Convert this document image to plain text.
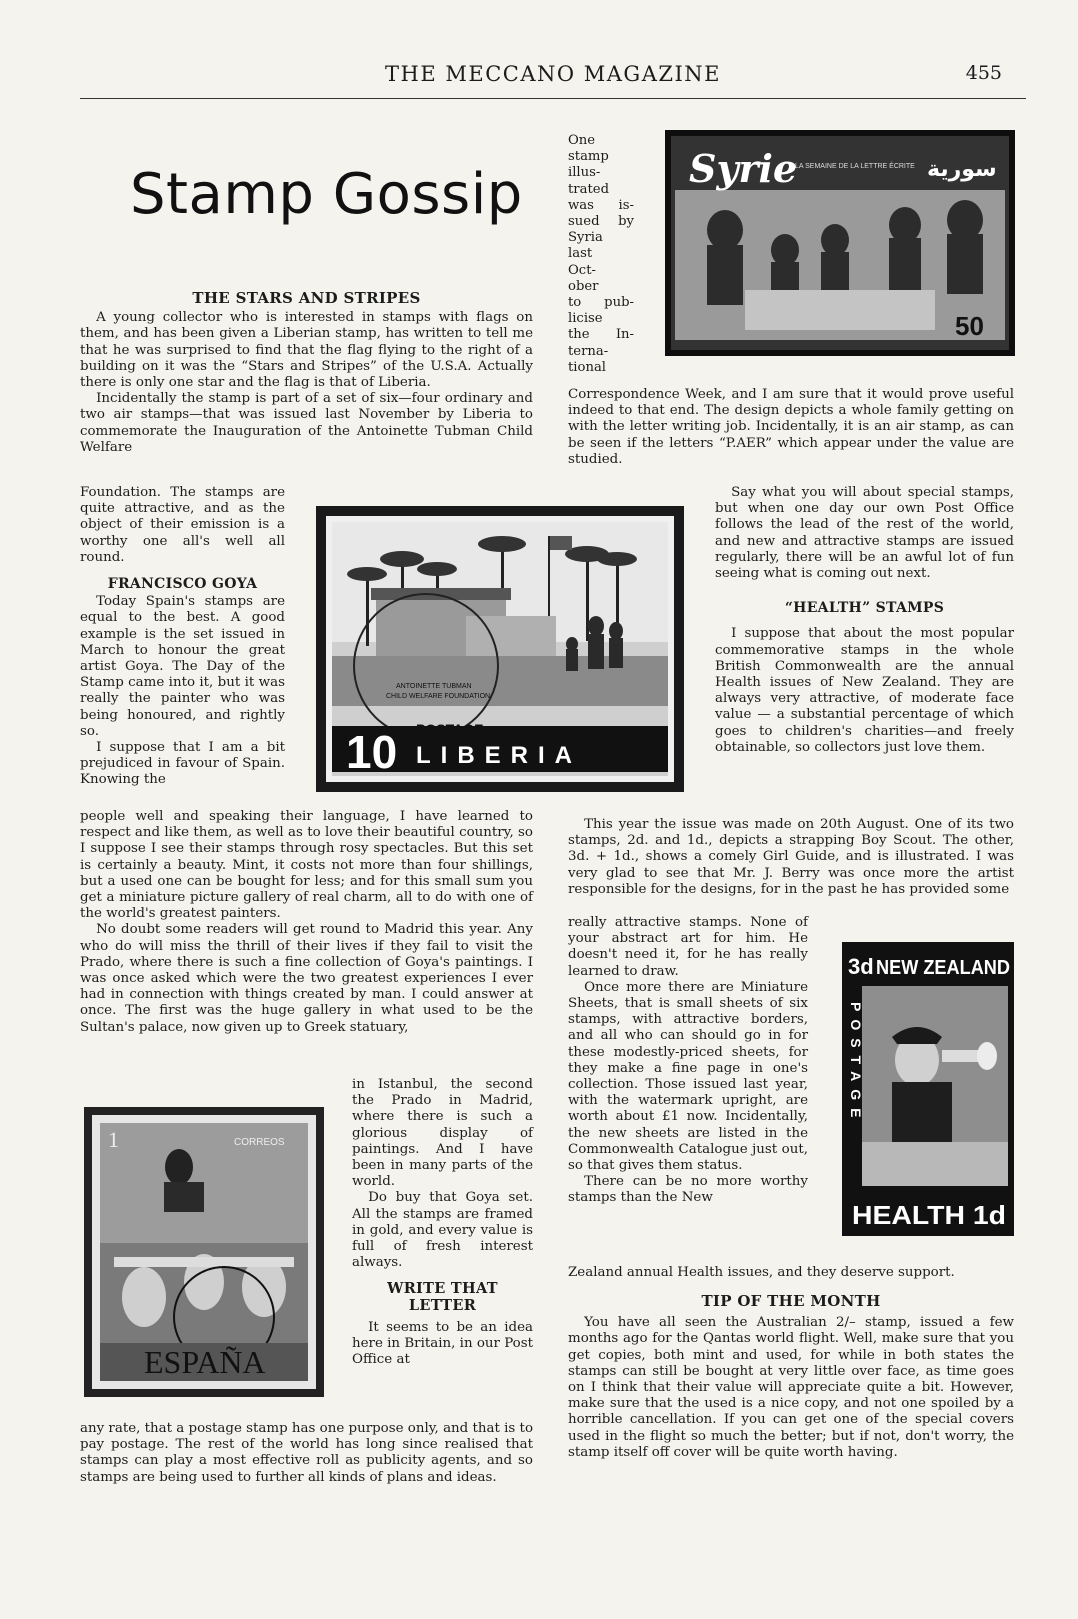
THE MECCANO MAGAZINE	455
Stamp Gossip

THE STARS AND STRIPES

A young collector who is interested in stamps with flags on them, and has been given a Liberian stamp, has written to tell me that he was surprised to find that the flag flying to the right of a building on it was the “Stars and Stripes” of the U.S.A. Actually there is only one star and the flag is that of Liberia.

Incidentally the stamp is part of a set of six—four ordinary and two air stamps—that was issued last November by Liberia to commemorate the Inauguration of the Antoinette Tubman Child Welfare

Foundation. The stamps are quite attractive, and as the object of their emission is a worthy one all's well all round.

FRANCISCO GOYA

Today Spain's stamps are equal to the best. A good example is the set issued in March to honour the great artist Goya. The Day of the Stamp came into it, but it was really the painter who was being honoured, and rightly so.

I suppose that I am a bit prejudiced in favour of Spain. Knowing the

10 POSTAGE
LIBERIA
ANTOINETTE TUBMAN
CHILD WELFARE FOUNDATION

people well and speaking their language, I have learned to respect and like them, as well as to love their beautiful country, so I suppose I see their stamps through rosy spectacles. But this set is certainly a beauty. Mint, it costs not more than four shillings, but a used one can be bought for less; and for this small sum you get a miniature picture gallery of real charm, all to do with one of the world's greatest painters.

No doubt some readers will get round to Madrid this year. Any who do will miss the thrill of their lives if they fail to visit the Prado, where there is such a fine collection of Goya's paintings. I was once asked which were the two greatest experiences I ever had in connection with things created by man. I could answer at once. The first was the huge gallery in what used to be the Sultan's palace, now given up to Greek statuary,

ESPAÑA
CORREOS
1

in Istanbul, the second the Prado in Madrid, where there is such a glorious display of paintings. And I have been in many parts of the world.

Do buy that Goya set. All the stamps are framed in gold, and every value is full of fresh interest always.

WRITE THAT LETTER

It seems to be an idea here in Britain, in our Post Office at

any rate, that a postage stamp has one purpose only, and that is to pay postage. The rest of the world has long since realised that stamps can play a most effective roll as publicity agents, and so stamps are being used to further all kinds of plans and ideas.

One
stamp
illus-
trated
was is-
sued by
Syria
last
Oct-
ober
to pub-
licise
the In-
terna-
tional
Syrie	سورية
LA SEMAINE DE LA LETTRE ÉCRITE
50

Correspondence Week, and I am sure that it would prove useful indeed to that end. The design depicts a whole family getting on with the letter writing job. Incidentally, it is an air stamp, as can be seen if the letters “P.AER” which appear under the value are studied.

Say what you will about special stamps, but when one day our own Post Office follows the lead of the rest of the world, and new and attractive stamps are issued regularly, there will be an awful lot of fun seeing what is coming out next.

“HEALTH” STAMPS

I suppose that about the most popular commemorative stamps in the whole British Commonwealth are the annual Health issues of New Zealand. They are always very attractive, of moderate face value — a substantial percentage of which goes to children's charities—and freely obtainable, so collectors just love them.

This year the issue was made on 20th August. One of its two stamps, 2d. and 1d., depicts a strapping Boy Scout. The other, 3d. + 1d., shows a comely Girl Guide, and is illustrated. I was very glad to see that Mr. J. Berry was once more the artist responsible for the designs, for in the past he has provided some

really attractive stamps. None of your abstract art for him. He doesn't need it, for he has really learned to draw.

Once more there are Miniature Sheets, that is small sheets of six stamps, with attractive borders, and all who can should go in for these modestly-priced sheets, for they make a fine page in one's collection. Those issued last year, with the watermark upright, are worth about £1 now. Incidentally, the new sheets are listed in the Commonwealth Catalogue just out, so that gives them status.

There can be no more worthy stamps than the New

3d NEW ZEALAND
POSTAGE
HEALTH 1d

Zealand annual Health issues, and they deserve support.

TIP OF THE MONTH

You have all seen the Australian 2/– stamp, issued a few months ago for the Qantas world flight. Well, make sure that you get copies, both mint and used, for while in both states the stamps can still be bought at very little over face, as time goes on I think that their value will appreciate quite a bit. However, make sure that the used is a nice copy, and not one spoiled by a horrible cancellation. If you can get one of the special covers used in the flight so much the better; but if not, don't worry, the stamp itself off cover will be quite worth having.
